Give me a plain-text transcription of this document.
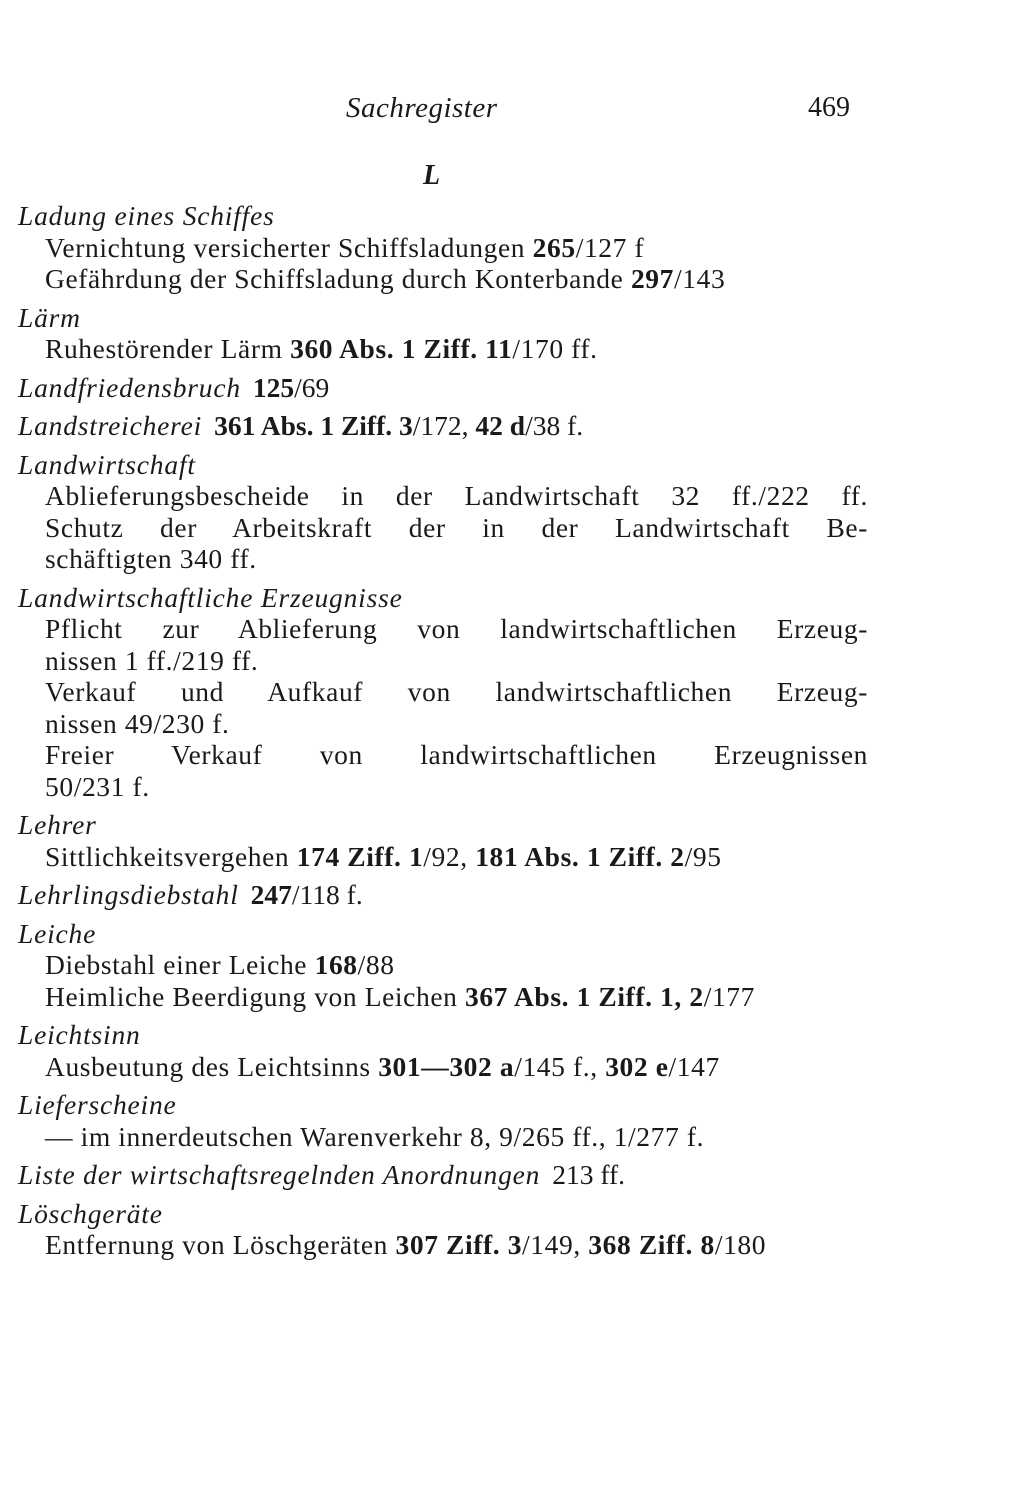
Sachregister	469
L
Ladung eines Schiffes
Vernichtung versicherter Schiffsladungen 265/127 f
Gefährdung der Schiffsladung durch Konterbande 297/143
Lärm
Ruhestörender Lärm 360 Abs. 1 Ziff. 11/170 ff.
Landfriedensbruch 125/69
Landstreicherei 361 Abs. 1 Ziff. 3/172, 42 d/38 f.
Landwirtschaft
Ablieferungsbescheide in der Landwirtschaft 32 ff./222 ff.
Schutz der Arbeitskraft der in der Landwirtschaft Be-
schäftigten 340 ff.
Landwirtschaftliche Erzeugnisse
Pflicht zur Ablieferung von landwirtschaftlichen Erzeug-
nissen 1 ff./219 ff.
Verkauf und Aufkauf von landwirtschaftlichen Erzeug-
nissen 49/230 f.
Freier Verkauf von landwirtschaftlichen Erzeugnissen
50/231 f.
Lehrer
Sittlichkeitsvergehen 174 Ziff. 1/92, 181 Abs. 1 Ziff. 2/95
Lehrlingsdiebstahl 247/118 f.
Leiche
Diebstahl einer Leiche 168/88
Heimliche Beerdigung von Leichen 367 Abs. 1 Ziff. 1, 2/177
Leichtsinn
Ausbeutung des Leichtsinns 301—302 a/145 f., 302 e/147
Lieferscheine
— im innerdeutschen Warenverkehr 8, 9/265 ff., 1/277 f.
Liste der wirtschaftsregelnden Anordnungen 213 ff.
Löschgeräte
Entfernung von Löschgeräten 307 Ziff. 3/149, 368 Ziff. 8/180
